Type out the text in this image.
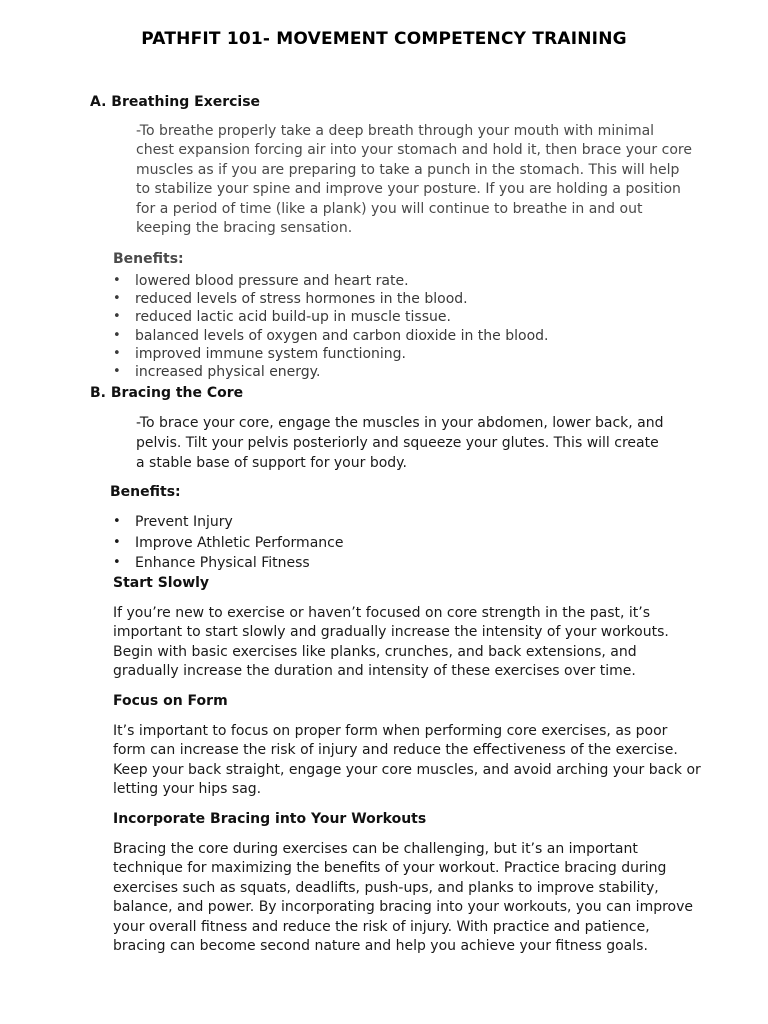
PATHFIT 101- MOVEMENT COMPETENCY TRAINING
A. Breathing Exercise
-To breathe properly take a deep breath through your mouth with minimal
chest expansion forcing air into your stomach and hold it, then brace your core
muscles as if you are preparing to take a punch in the stomach. This will help
to stabilize your spine and improve your posture. If you are holding a position
for a period of time (like a plank) you will continue to breathe in and out
keeping the bracing sensation.
Benefits:
• lowered blood pressure and heart rate.
• reduced levels of stress hormones in the blood.
• reduced lactic acid build-up in muscle tissue.
• balanced levels of oxygen and carbon dioxide in the blood.
• improved immune system functioning.
• increased physical energy.
B. Bracing the Core
-To brace your core, engage the muscles in your abdomen, lower back, and
pelvis. Tilt your pelvis posteriorly and squeeze your glutes. This will create
a stable base of support for your body.
Benefits:
• Prevent Injury
• Improve Athletic Performance
• Enhance Physical Fitness
Start Slowly
If you’re new to exercise or haven’t focused on core strength in the past, it’s
important to start slowly and gradually increase the intensity of your workouts.
Begin with basic exercises like planks, crunches, and back extensions, and
gradually increase the duration and intensity of these exercises over time.
Focus on Form
It’s important to focus on proper form when performing core exercises, as poor
form can increase the risk of injury and reduce the effectiveness of the exercise.
Keep your back straight, engage your core muscles, and avoid arching your back or
letting your hips sag.
Incorporate Bracing into Your Workouts
Bracing the core during exercises can be challenging, but it’s an important
technique for maximizing the benefits of your workout. Practice bracing during
exercises such as squats, deadlifts, push-ups, and planks to improve stability,
balance, and power. By incorporating bracing into your workouts, you can improve
your overall fitness and reduce the risk of injury. With practice and patience,
bracing can become second nature and help you achieve your fitness goals.
